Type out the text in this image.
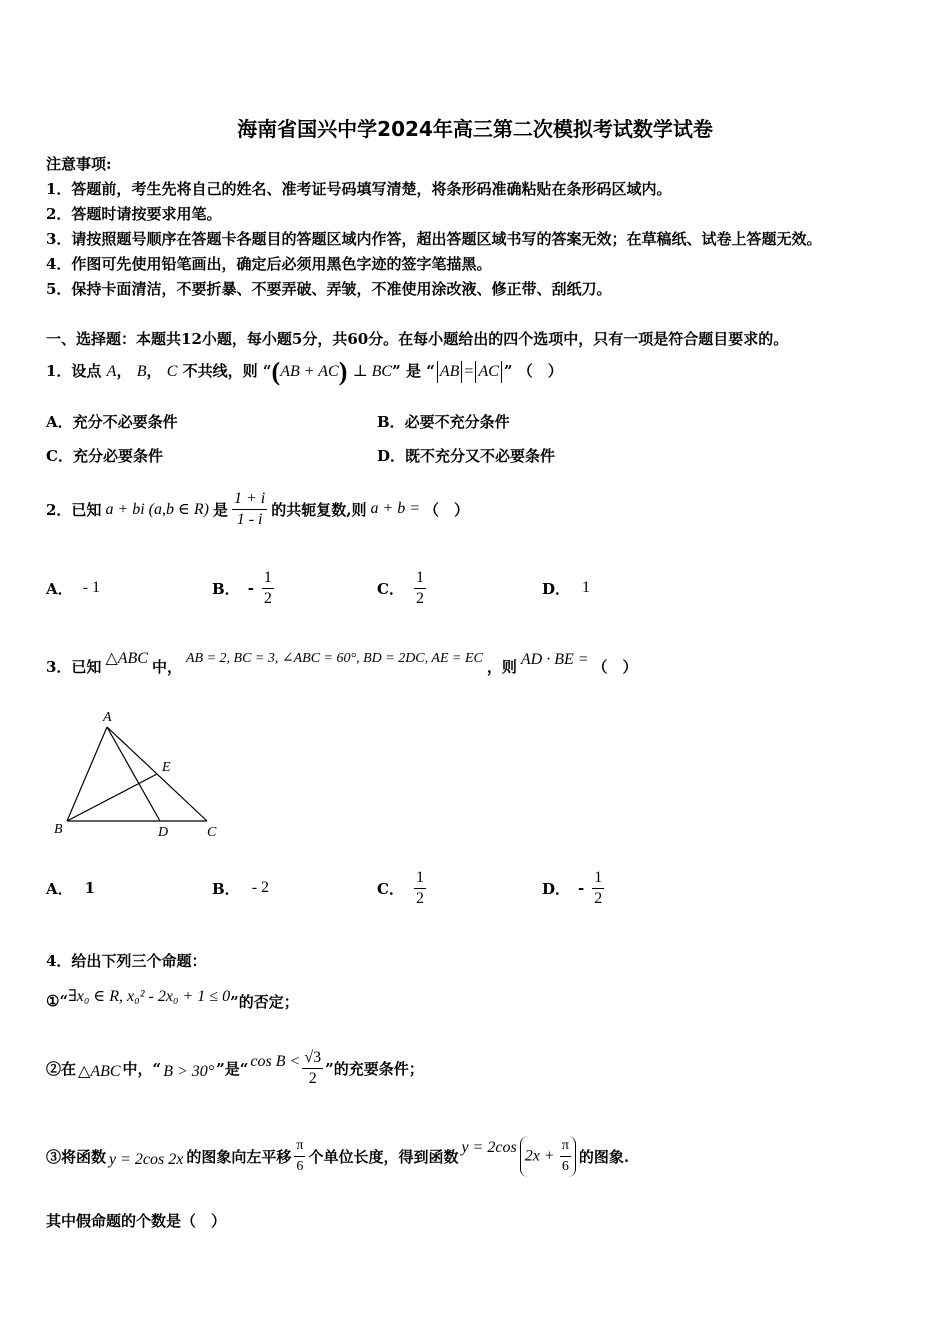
海南省国兴中学2024年高三第二次模拟考试数学试卷
注意事项:
1．答题前，考生先将自己的姓名、准考证号码填写清楚，将条形码准确粘贴在条形码区域内。
2．答题时请按要求用笔。
3．请按照题号顺序在答题卡各题目的答题区域内作答，超出答题区域书写的答案无效；在草稿纸、试卷上答题无效。
4．作图可先使用铅笔画出，确定后必须用黑色字迹的签字笔描黑。
5．保持卡面清洁，不要折暴、不要弄破、弄皱，不准使用涂改液、修正带、刮纸刀。
一、选择题：本题共12小题，每小题5分，共60分。在每小题给出的四个选项中，只有一项是符合题目要求的。
1．设点 A， B， C 不共线，则 “(AB + AC) ⊥ BC” 是 “ AB = AC ” （　）
A．充分不必要条件	B．必要不充分条件
C．充分必要条件	D．既不充分又不必要条件
2．已知 a + bi (a,b ∈ R) 是 $\frac{1 + i}{1 - i}$ 的共轭复数,则 a + b = （　）
A． - 1	B． - $\frac{1}{2}$	C． $\frac{1}{2}$	D． 1
3．已知 △ABC 中， AB = 2, BC = 3, ∠ABC = 60°, BD = 2DC, AE = EC ，则 AD · BE = （　）
A
B	C
D
E
A． 1	B． - 2	C． $\frac{1}{2}$	D． - $\frac{1}{2}$
4．给出下列三个命题：
①“ ∃x₀ ∈ R, x₀² - 2x₀ + 1 ≤ 0 ”的否定；
②在 △ABC 中，“ B > 30° ”是“ $\cos B < \frac{√3}{2}$ ”的充要条件；
③将函数 y = 2cos 2x 的图象向左平移 $\frac{\pi}{6}$ 个单位长度，得到函数 y = 2cos $2x + \frac{\pi}{6}$ 的图象.
其中假命题的个数是（　）
